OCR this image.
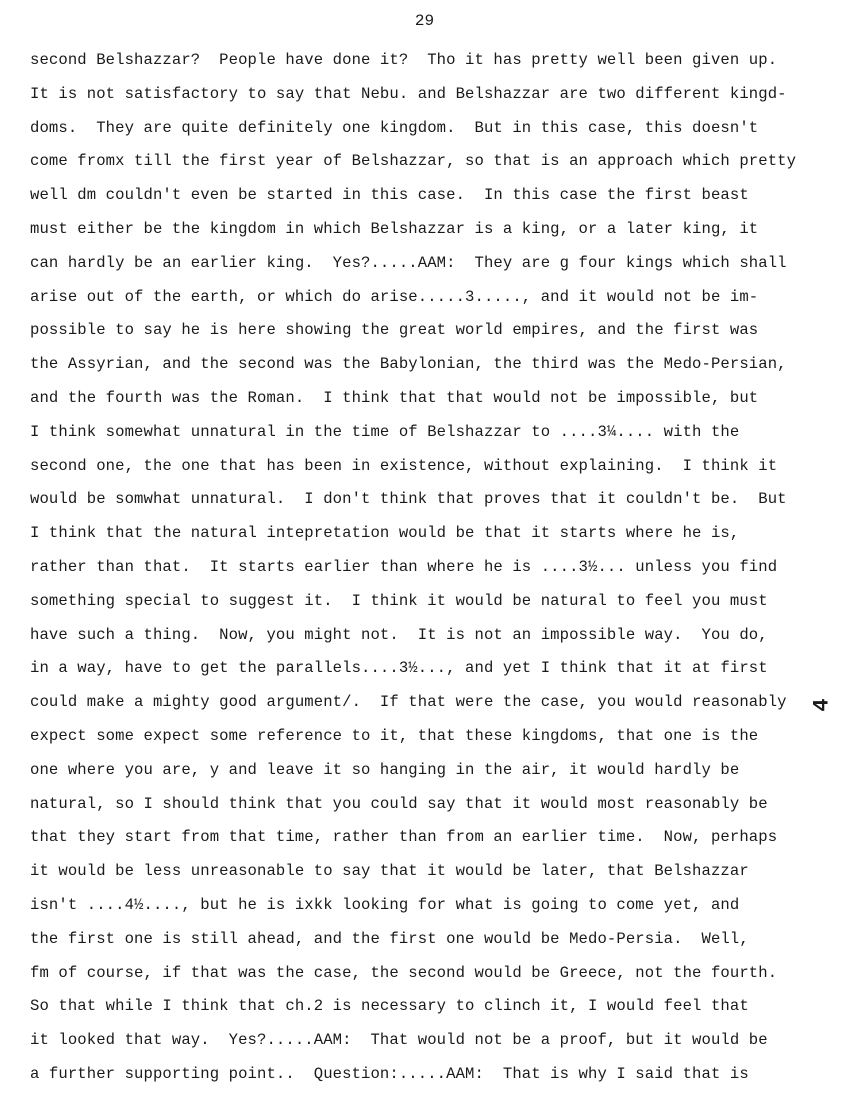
29
second Belshazzar?  People have done it?  Tho it has pretty well been given up.
It is not satisfactory to say that Nebu. and Belshazzar are two different kingd-
doms.  They are quite definitely one kingdom.  But in this case, this doesn't
come fromx till the first year of Belshazzar, so that is an approach which pretty
well dm couldn't even be started in this case.  In this case the first beast
must either be the kingdom in which Belshazzar is a king, or a later king, it
can hardly be an earlier king.  Yes?.....AAM:  They are g four kings which shall
arise out of the earth, or which do arise.....3....., and it would not be im-
possible to say he is here showing the great world empires, and the first was
the Assyrian, and the second was the Babylonian, the third was the Medo-Persian,
and the fourth was the Roman.  I think that that would not be impossible, but
I think somewhat unnatural in the time of Belshazzar to ....3¼.... with the
second one, the one that has been in existence, without explaining.  I think it
would be somwhat unnatural.  I don't think that proves that it couldn't be.  But
I think that the natural intepretation would be that it starts where he is,
rather than that.  It starts earlier than where he is ....3½... unless you find
something special to suggest it.  I think it would be natural to feel you must
have such a thing.  Now, you might not.  It is not an impossible way.  You do,
in a way, have to get the parallels....3½..., and yet I think that it at first
could make a mighty good argument/.  If that were the case, you would reasonably
expect some expect some reference to it, that these kingdoms, that one is the
one where you are, y and leave it so hanging in the air, it would hardly be
natural, so I should think that you could say that it would most reasonably be
that they start from that time, rather than from an earlier time.  Now, perhaps
it would be less unreasonable to say that it would be later, that Belshazzar
isn't ....4½...., but he is ixkk looking for what is going to come yet, and
the first one is still ahead, and the first one would be Medo-Persia.  Well,
fm of course, if that was the case, the second would be Greece, not the fourth.
So that while I think that ch.2 is necessary to clinch it, I would feel that
it looked that way.  Yes?.....AAM:  That would not be a proof, but it would be
a further supporting point..  Question:.....AAM:  That is why I said that is
4
